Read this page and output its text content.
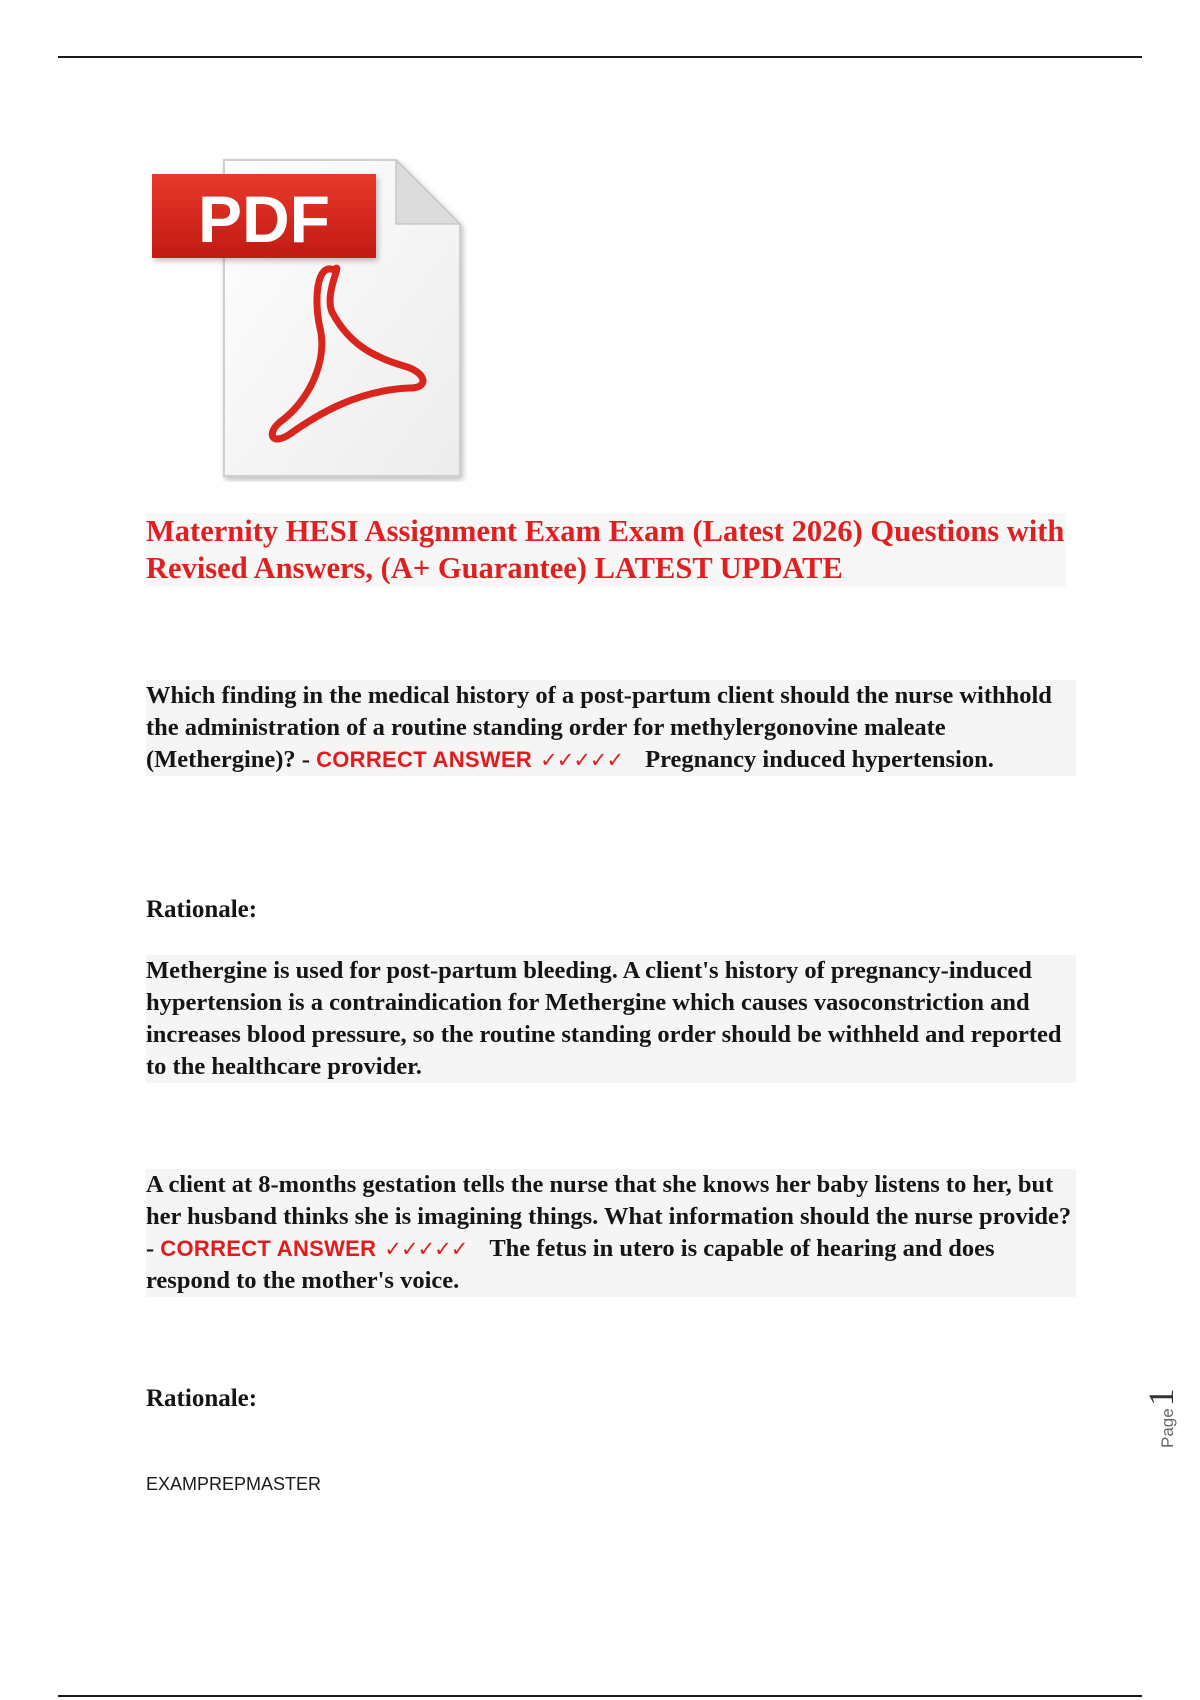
PDF
Maternity HESI Assignment Exam Exam (Latest 2026) Questions with Revised Answers, (A+ Guarantee) LATEST UPDATE

Which finding in the medical history of a post-partum client should the nurse withhold the administration of a routine standing order for methylergonovine maleate (Methergine)? - CORRECT ANSWER ✓✓✓✓✓ Pregnancy induced hypertension.

Rationale:

Methergine is used for post-partum bleeding. A client's history of pregnancy-induced hypertension is a contraindication for Methergine which causes vasoconstriction and increases blood pressure, so the routine standing order should be withheld and reported to the healthcare provider.

A client at 8-months gestation tells the nurse that she knows her baby listens to her, but her husband thinks she is imagining things. What information should the nurse provide? - CORRECT ANSWER ✓✓✓✓✓ The fetus in utero is capable of hearing and does respond to the mother's voice.

Rationale:

EXAMPREPMASTER

Page1
